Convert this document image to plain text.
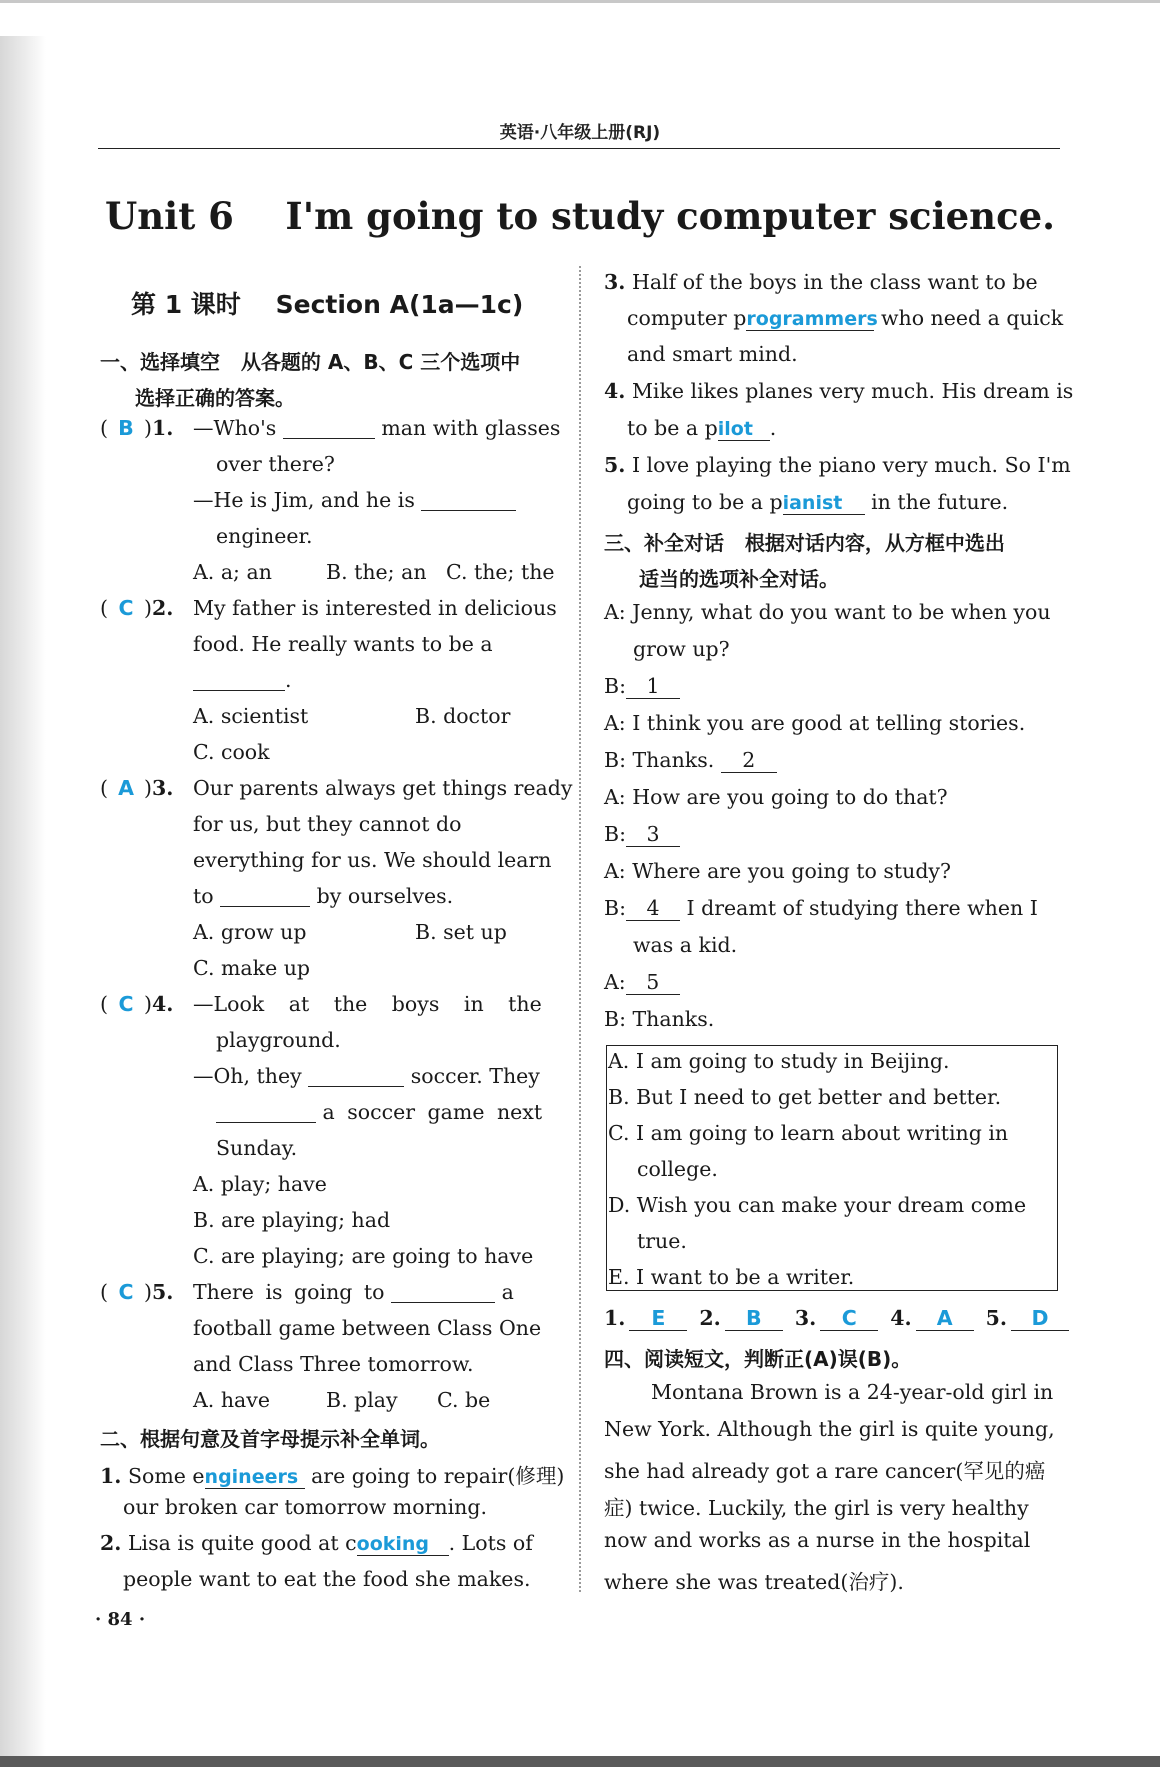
英语·八年级上册(RJ)
Unit 6    I'm going to study computer science.
第 1 课时    Section A(1a—1c)
一、选择填空   从各题的 A、B、C 三个选项中
选择正确的答案。
( B )1. —Who's	man with glasses
over there?
—He is Jim, and he is
engineer.
A. a; an	B. the; an C. the; the
( C )2. My father is interested in delicious
food. He really wants to be a
.
A. scientist	B. doctor
C. cook
( A )3. Our parents always get things ready
for us, but they cannot do
everything for us. We should learn
to	by ourselves.
A. grow up	B. set up
C. make up
( C )4. —Look at the boys in the
playground.
—Oh, they	soccer. They
a soccer game next
Sunday.
A. play; have
B. are playing; had
C. are playing; are going to have
( C )5. There is going to	a
football game between Class One
and Class Three tomorrow.
A. have	B. play C. be
二、根据句意及首字母提示补全单词。
1. Some engineers are going to repair(修理)
our broken car tomorrow morning.
2. Lisa is quite good at cooking . Lots of
people want to eat the food she makes.
· 84 ·
3. Half of the boys in the class want to be
computer programmers who need a quick
and smart mind.
4. Mike likes planes very much. His dream is
to be a pilot .
5. I love playing the piano very much. So I'm
going to be a pianist in the future.
三、补全对话   根据对话内容，从方框中选出
适当的选项补全对话。
A: Jenny, what do you want to be when you
grow up?
B: 1
A: I think you are good at telling stories.
B: Thanks. 2
A: How are you going to do that?
B: 3
A: Where are you going to study?
B: 4 I dreamt of studying there when I
was a kid.
A: 5
B: Thanks.
A. I am going to study in Beijing.
B. But I need to get better and better.
C. I am going to learn about writing in
college.
D. Wish you can make your dream come
true.
E. I want to be a writer.
1. E 2. B 3. C 4. A 5. D
四、阅读短文，判断正(A)误(B)。
Montana Brown is a 24-year-old girl in
New York. Although the girl is quite young,
she had already got a rare cancer(罕见的癌
症) twice. Luckily, the girl is very healthy
now and works as a nurse in the hospital
where she was treated(治疗).
